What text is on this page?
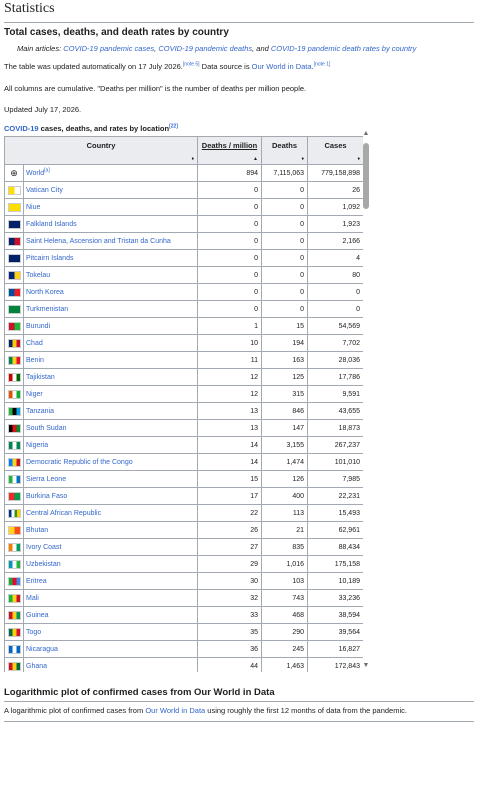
Statistics
Total cases, deaths, and death rates by country
Main articles: COVID-19 pandemic cases, COVID-19 pandemic deaths, and COVID-19 pandemic death rates by country
The table was updated automatically on 17 July 2026.[note 5] Data source is Our World in Data.[note 1]
All columns are cumulative. "Deaths per million" is the number of deaths per million people.
Updated July 17, 2026.
COVID-19 cases, deaths, and rates by location[22]
Country
♦		Deaths / million
▲	Deaths
♦	Cases
♦

⊕	World[a]	894	7,115,063	779,158,898
	Vatican City	0	0	26
	Niue	0	0	1,092
	Falkland Islands	0	0	1,923
	Saint Helena, Ascension and Tristan da Cunha	0	0	2,166
	Pitcairn Islands	0	0	4
	Tokelau	0	0	80
	North Korea	0	0	0
	Turkmenistan	0	0	0
	Burundi	1	15	54,569
	Chad	10	194	7,702
	Benin	11	163	28,036
	Tajikistan	12	125	17,786
	Niger	12	315	9,591
	Tanzania	13	846	43,655
	South Sudan	13	147	18,873
	Nigeria	14	3,155	267,237
	Democratic Republic of the Congo	14	1,474	101,010
	Sierra Leone	15	126	7,985
	Burkina Faso	17	400	22,231
	Central African Republic	22	113	15,493
	Bhutan	26	21	62,961
	Ivory Coast	27	835	88,434
	Uzbekistan	29	1,016	175,158
	Eritrea	30	103	10,189
	Mali	32	743	33,236
	Guinea	33	468	38,594
	Togo	35	290	39,564
	Nicaragua	36	245	16,827
	Ghana	44	1,463	172,843
▲
▼
Logarithmic plot of confirmed cases from Our World in Data
A logarithmic plot of confirmed cases from Our World in Data using roughly the first 12 months of data from the pandemic.
